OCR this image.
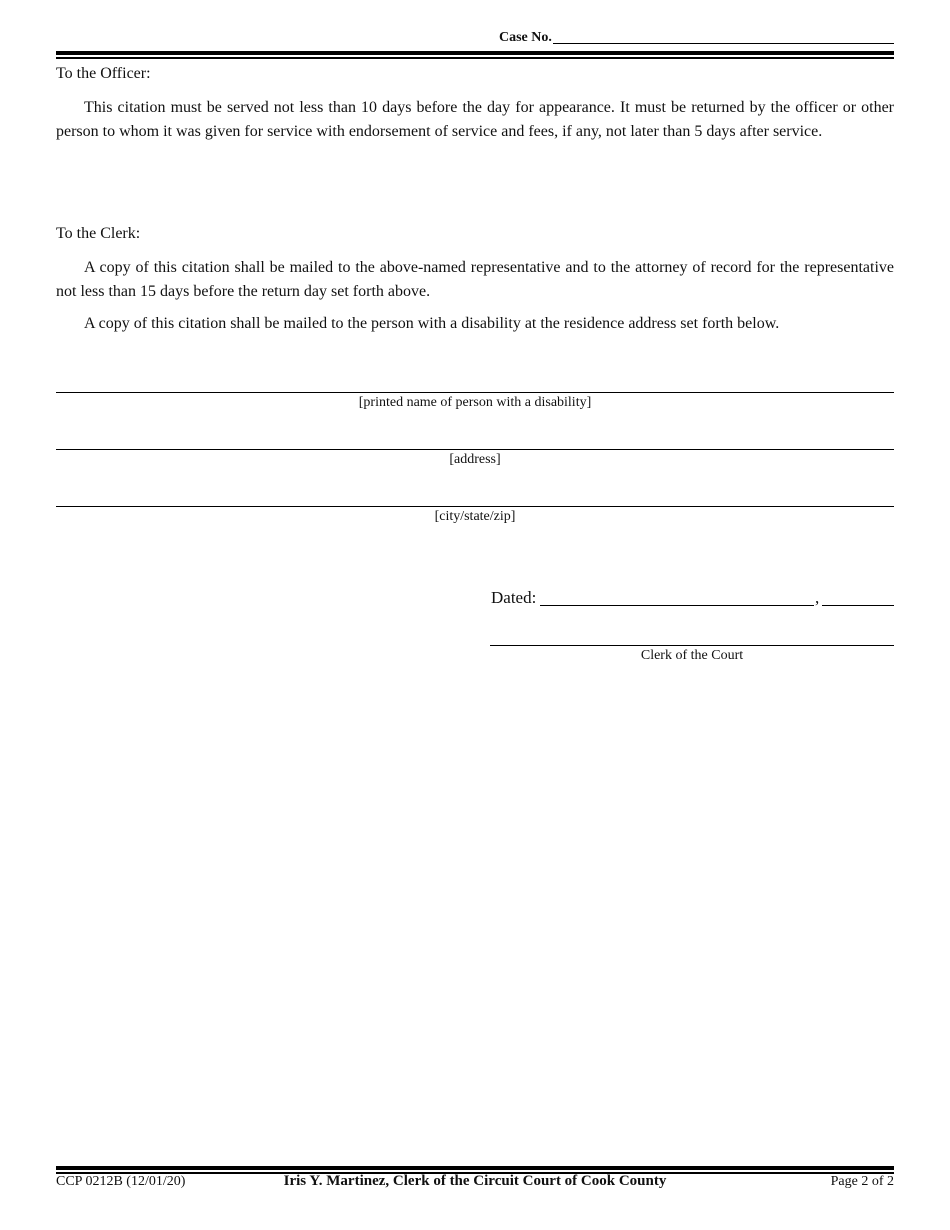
Case No.
To the Officer:

This citation must be served not less than 10 days before the day for appearance. It must be returned by the officer or other person to whom it was given for service with endorsement of service and fees, if any, not later than 5 days after service.

To the Clerk:

A copy of this citation shall be mailed to the above-named representative and to the attorney of record for the representative not less than 15 days before the return day set forth above.

A copy of this citation shall be mailed to the person with a disability at the residence address set forth below.

[printed name of person with a disability]
[address]
[city/state/zip]
Dated:	,
Clerk of the Court
CCP 0212B (12/01/20)	Iris Y. Martinez, Clerk of the Circuit Court of Cook County	Page 2 of 2
